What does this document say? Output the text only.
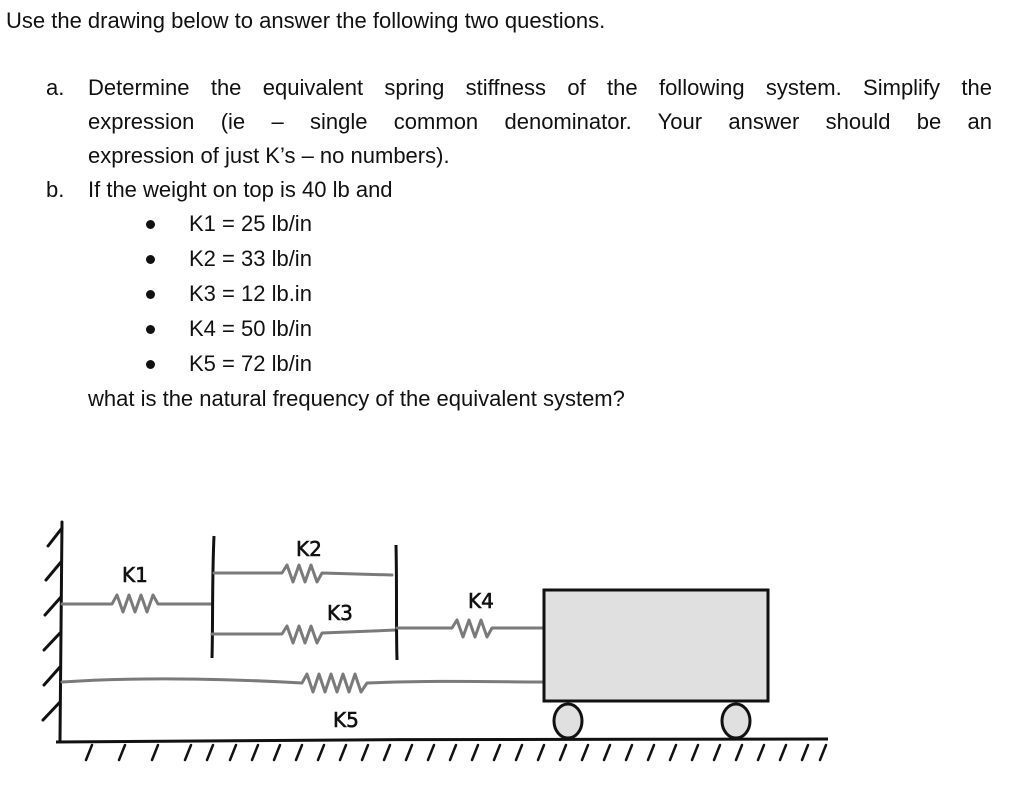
Use the drawing below to answer the following two questions.
a. Determine the equivalent spring stiffness of the following system. Simplify the
expression (ie – single common denominator. Your answer should be an
expression of just K’s – no numbers).
b. If the weight on top is 40 lb and
K1 = 25 lb/in
K2 = 33 lb/in
K3 = 12 lb.in
K4 = 50 lb/in
K5 = 72 lb/in
what is the natural frequency of the equivalent system?
K1
K2
K3	K4
K5
